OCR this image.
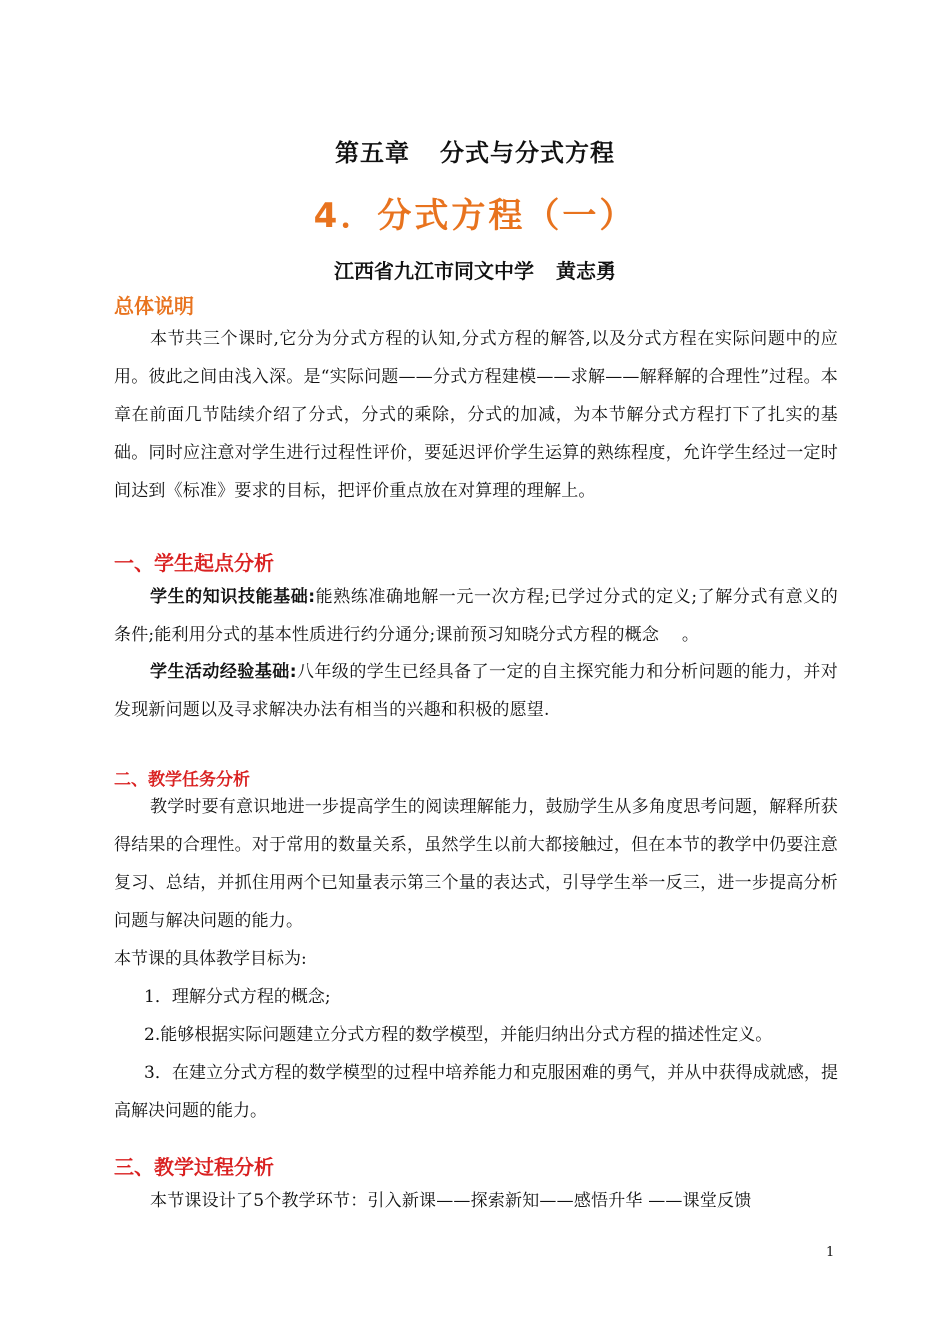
第五章 分式与分式方程
4．分式方程（一）
江西省九江市同文中学 黄志勇
总体说明

本节共三个课时,它分为分式方程的认知,分式方程的解答,以及分式方程在实际问题中的应用。彼此之间由浅入深。是“实际问题——分式方程建模——求解——解释解的合理性”过程。本章在前面几节陆续介绍了分式，分式的乘除，分式的加减，为本节解分式方程打下了扎实的基础。同时应注意对学生进行过程性评价，要延迟评价学生运算的熟练程度，允许学生经过一定时间达到《标准》要求的目标，把评价重点放在对算理的理解上。

一、学生起点分析

学生的知识技能基础:能熟练准确地解一元一次方程;已学过分式的定义;了解分式有意义的条件;能利用分式的基本性质进行约分通分;课前预习知晓分式方程的概念　 。

学生活动经验基础:八年级的学生已经具备了一定的自主探究能力和分析问题的能力，并对发现新问题以及寻求解决办法有相当的兴趣和积极的愿望.

二、教学任务分析

教学时要有意识地进一步提高学生的阅读理解能力，鼓励学生从多角度思考问题，解释所获得结果的合理性。对于常用的数量关系，虽然学生以前大都接触过，但在本节的教学中仍要注意复习、总结，并抓住用两个已知量表示第三个量的表达式，引导学生举一反三，进一步提高分析问题与解决问题的能力。

本节课的具体教学目标为:

1．理解分式方程的概念;

2.能够根据实际问题建立分式方程的数学模型，并能归纳出分式方程的描述性定义。

3．在建立分式方程的数学模型的过程中培养能力和克服困难的勇气，并从中获得成就感，提高解决问题的能力。

三、教学过程分析

本节课设计了5个教学环节：引入新课——探索新知——感悟升华 ——课堂反馈

1
